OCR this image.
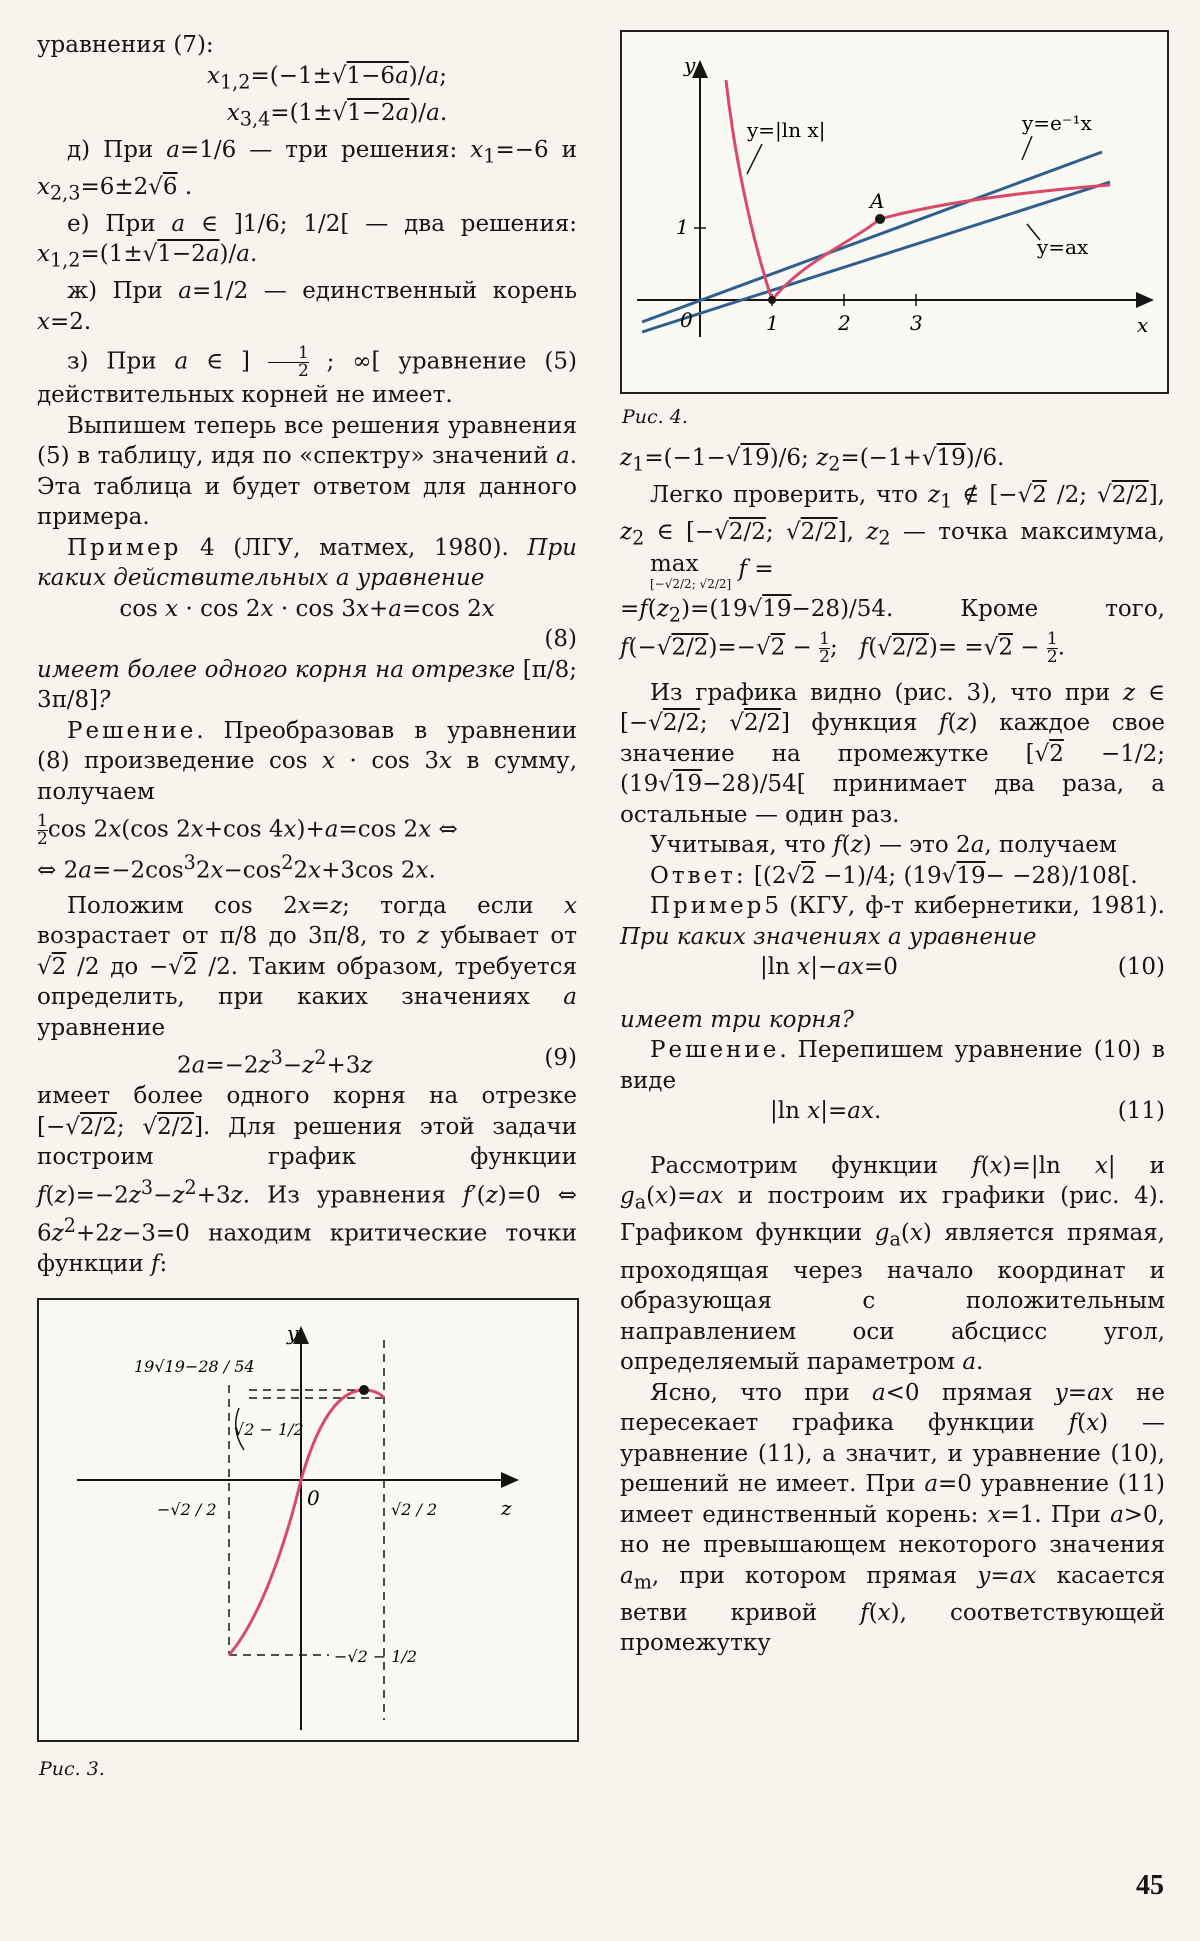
уравнения (7):

$x_{1,2}=(-1\pm√1-6a)/a$;

$x_{3,4}=(1\pm√1-2a)/a$.

д) При a=1/6 — три решения: $x_1=-6$ и $x_{2,3}=6\pm 2√6$ .

е) При a ∈ ]1/6; 1/2[ — два решения: $x_{1,2}=(1\pm√1-2a)/a$.

ж) При a=1/2 — единственный корень x=2.

з) При a ∈ ] $\frac{1}{2}$ ; ∞[ уравнение (5) действительных корней не имеет.

Выпишем теперь все решения уравнения (5) в таблицу, идя по «спектру» значений a. Эта таблица и будет ответом для данного примера.

Пример 4 (ЛГУ, матмех, 1980). При каких действительных a уравнение

cos x · cos 2x · cos 3x+a=cos 2x

(8)

имеет более одного корня на отрезке [π/8; 3π/8]?

Решение. Преобразовав в уравнении (8) произведение cos x · cos 3x в сумму, получаем

$\frac{1}{2}$ cos 2x(cos 2x+cos 4x)+a=cos 2x ⇔

⇔ $2a=-2\cos^32x-\cos^22x+3\cos$ 2x.

Положим cos 2x=z; тогда если x возрастает от π/8 до 3π/8, то z убывает от √2 /2 до −√2 /2. Таким образом, требуется определить, при каких значениях a уравнение

$2a=-2z^3-z^2+3z$	(9)

имеет более одного корня на отрезке [−√2/2; √2/2]. Для решения этой задачи построим график функции $f(z)=-2z^3-z^2+3z$. Из уравнения f′(z)=0 ⇔ $6z^2+2z-3=0$ находим критические точки функции f:

y
z
0
19√19−28 / 54
√2 − 1/2
−√2 − 1/2
−√2 / 2	√2 / 2
Рис. 3.
y
x
0	1	2	3
1
y=|ln x|	y=e⁻¹x
y=ax
A
Рис. 4.

$z_1=(-1-√19)/6$; $z_2=(-1+√19)/6$.

Легко проверить, что $z_1$ ∉ [−√2 /2; √2/2], $z_2$ ∈ [−√2/2; √2/2], $z_2$ — точка максимума,
max
[−√2/2; √2/2]
f =

$=f(z_2)=(19√19-28)/54$. Кроме того, $f(-√2/2)=-√2 - \frac{1}{2}$ ;   $f(√2/2)= =√2 - \frac{1}{2}$ .

Из графика видно (рис. 3), что при z ∈ [−√2/2; √2/2] функция f(z) каждое свое значение на промежутке [√2 −1/2; (19√19−28)/54[ принимает два раза, а остальные — один раз.

Учитывая, что f(z) — это 2a, получаем

Ответ: [(2√2 −1)/4; (19√19− −28)/108[.

Пример5 (КГУ, ф-т кибернетики, 1981). При каких значениях a уравнение

|ln x|−ax=0	(10)

имеет три корня?

Решение. Перепишем уравнение (10) в виде

|ln x|=ax.	(11)

Рассмотрим функции f(x)=|ln x| и $g_a(x)=ax$ и построим их графики (рис. 4). Графиком функции $g_a(x)$ является прямая, проходящая через начало координат и образующая с положительным направлением оси абсцисс угол, определяемый параметром a.

Ясно, что при a<0 прямая y=ax не пересекает графика функции f(x) — уравнение (11), а значит, и уравнение (10), решений не имеет. При a=0 уравнение (11) имеет единственный корень: x=1. При a>0, но не превышающем некоторого значения $a_m$, при котором прямая y=ax касается ветви кривой f(x), соответствующей промежутку

45
